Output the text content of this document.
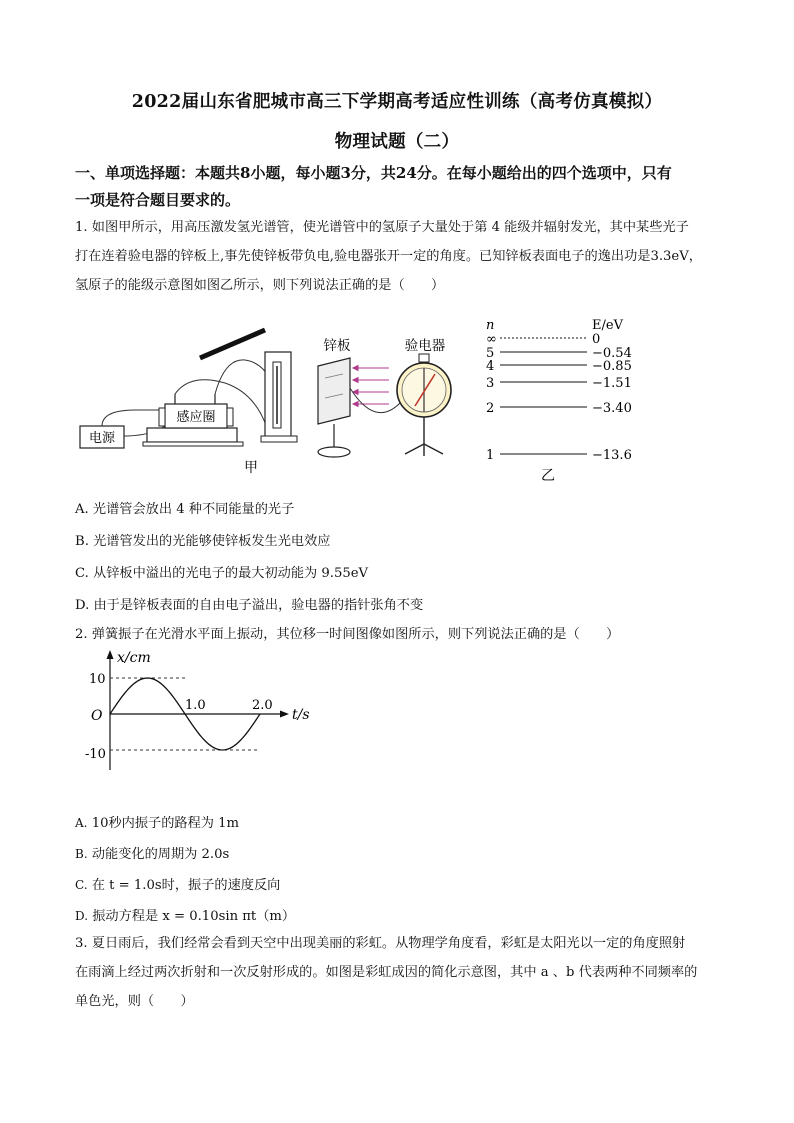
2022届山东省肥城市高三下学期高考适应性训练（高考仿真模拟）
物理试题（二）
一、单项选择题：本题共8小题，每小题3分，共24分。在每小题给出的四个选项中，只有
一项是符合题目要求的。
1. 如图甲所示，用高压激发氢光谱管，使光谱管中的氢原子大量处于第 4 能级并辐射发光，其中某些光子
打在连着验电器的锌板上,事先使锌板带负电,验电器张开一定的角度。已知锌板表面电子的逸出功是3.3eV，
氢原子的能级示意图如图乙所示，则下列说法正确的是（　　）
电源
感应圈
甲
锌板	验电器
n	E/eV
∞	0
5	−0.54
4	−0.85
3	−1.51
2	−3.40
1	−13.6
乙
A. 光谱管会放出 4 种不同能量的光子
B. 光谱管发出的光能够使锌板发生光电效应
C. 从锌板中溢出的光电子的最大初动能为 9.55eV
D. 由于是锌板表面的自由电子溢出，验电器的指针张角不变
2. 弹簧振子在光滑水平面上振动，其位移一时间图像如图所示，则下列说法正确的是（　　）
x/cm
t/s
O
10
-10
1.0	2.0
A. 10秒内振子的路程为 1m
B. 动能变化的周期为 2.0s
C. 在 t = 1.0s时，振子的速度反向
D. 振动方程是 x = 0.10sin πt（m）
3. 夏日雨后，我们经常会看到天空中出现美丽的彩虹。从物理学角度看，彩虹是太阳光以一定的角度照射
在雨滴上经过两次折射和一次反射形成的。如图是彩虹成因的简化示意图，其中 a 、b 代表两种不同频率的
单色光，则（　　）
